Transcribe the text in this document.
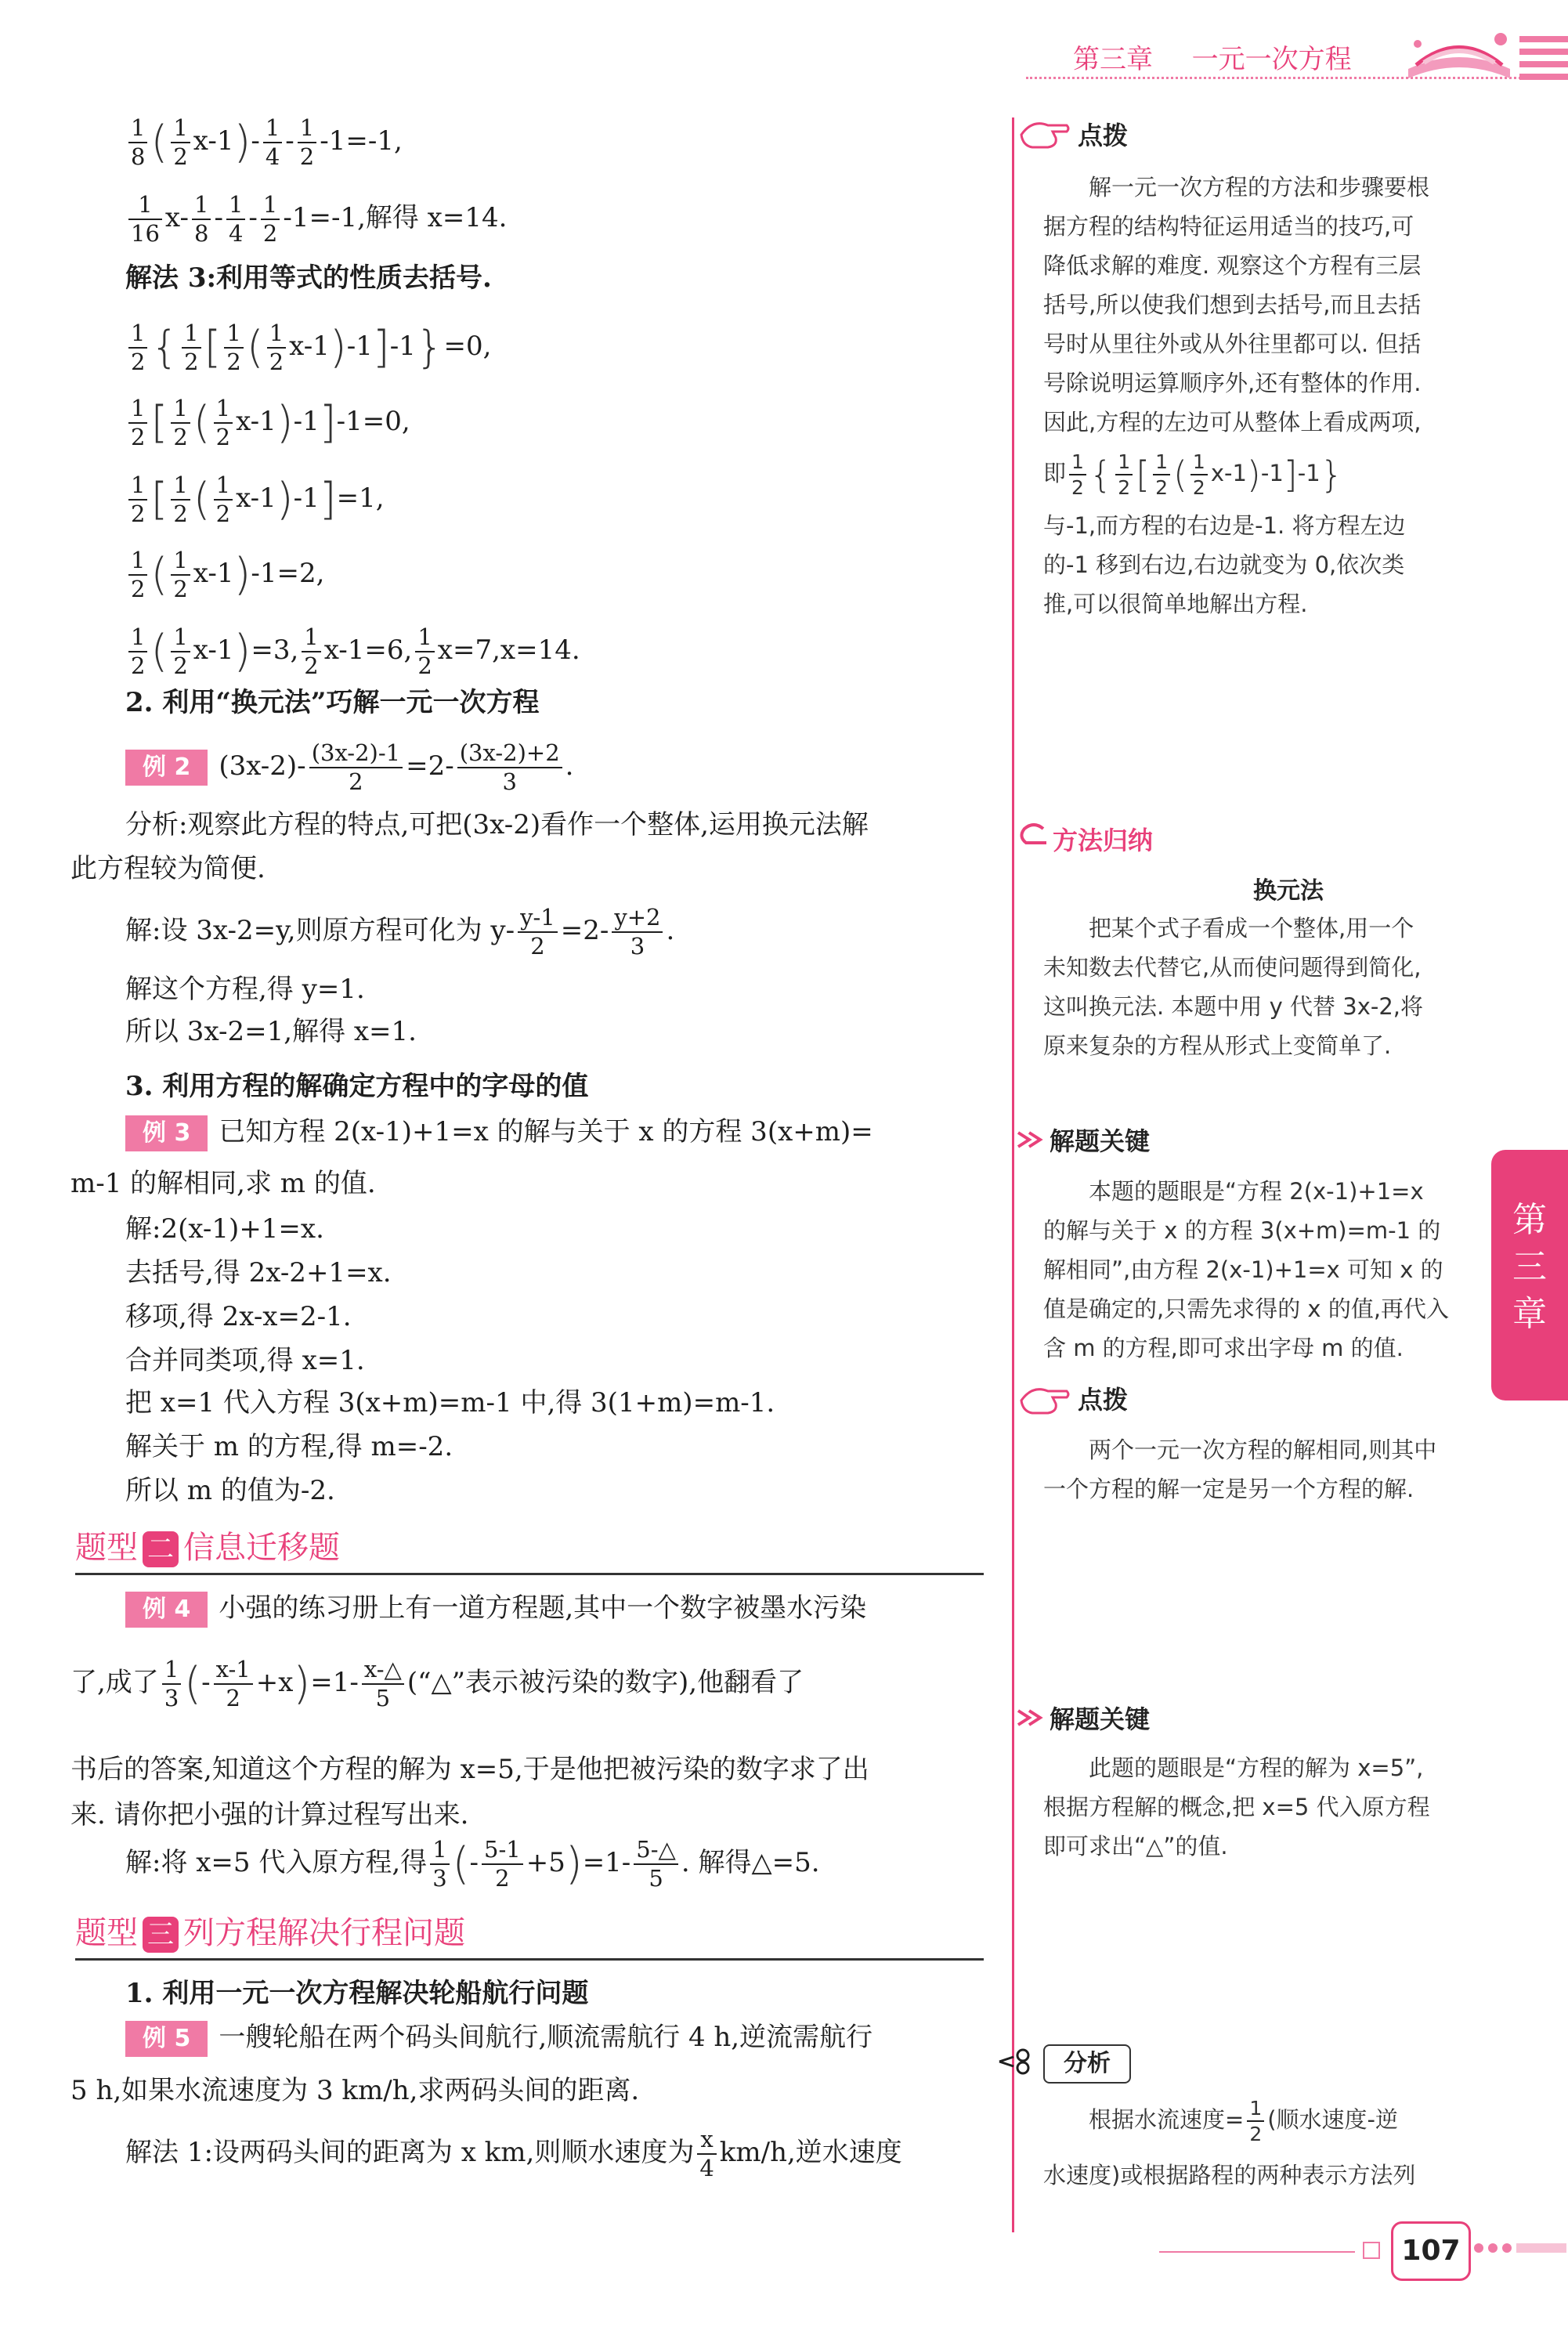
第三章 一元一次方程
第三章
$\frac{1}{8}$ ( $\frac{1}{2} x-1)- \frac{1}{4} - \frac{1}{2} -1=-1$,
$\frac{1}{16} x- \frac{1}{8} - \frac{1}{4} - \frac{1}{2} -1=-1$,解得 x=14.
解法 3:利用等式的性质去括号.
$\frac{1}{2}$ { $\frac{1}{2}$ [ $\frac{1}{2}$ ( $\frac{1}{2} x-1)-1]-1\}=0$,
$\frac{1}{2}$ [ $\frac{1}{2}$ ( $\frac{1}{2} x-1)-1]-1=0$,
$\frac{1}{2}$ [ $\frac{1}{2}$ ( $\frac{1}{2} x-1)-1]=1$,
$\frac{1}{2}$ ( $\frac{1}{2} x-1)-1=2$,
$\frac{1}{2}$ ( $\frac{1}{2} x-1)=3$, $\frac{1}{2} x-1=6$, $\frac{1}{2} x=7,x=14$.
2. 利用“换元法”巧解一元一次方程
例 2 $(3x-2)- \frac{(3x-2)-1}{2} =2- \frac{(3x-2)+2}{3}$ .
分析:观察此方程的特点,可把(3x-2)看作一个整体,运用换元法解
此方程较为简便.
解:设 3x-2=y,则原方程可化为 $y- \frac{y-1}{2} =2- \frac{y+2}{3}$ .
解这个方程,得 y=1.
所以 3x-2=1,解得 x=1.
3. 利用方程的解确定方程中的字母的值
例 3 已知方程 2(x-1)+1=x 的解与关于 x 的方程 3(x+m)=
m-1 的解相同,求 m 的值.
解:2(x-1)+1=x.
去括号,得 2x-2+1=x.
移项,得 2x-x=2-1.
合并同类项,得 x=1.
把 x=1 代入方程 3(x+m)=m-1 中,得 3(1+m)=m-1.
解关于 m 的方程,得 m=-2.
所以 m 的值为-2.
题型 二 信息迁移题
例 4 小强的练习册上有一道方程题,其中一个数字被墨水污染
了,成了 $\frac{1}{3}$ (- $\frac{x-1}{2} +x)=1- \frac{x-\triangle}{5}$ (“△”表示被污染的数字),他翻看了
书后的答案,知道这个方程的解为 x=5,于是他把被污染的数字求了出
来. 请你把小强的计算过程写出来.
解:将 x=5 代入原方程,得 $\frac{1}{3}$ (- $\frac{5-1}{2} +5)=1- \frac{5-\triangle}{5}$ . 解得△=5.
题型 三 列方程解决行程问题
1. 利用一元一次方程解决轮船航行问题
例 5 一艘轮船在两个码头间航行,顺流需航行 4 h,逆流需航行
5 h,如果水流速度为 3 km/h,求两码头间的距离.
解法 1:设两码头间的距离为 x km,则顺水速度为 $\frac{x}{4} km/h$,逆水速度
点拨
解一元一次方程的方法和步骤要根
据方程的结构特征运用适当的技巧,可
降低求解的难度. 观察这个方程有三层
括号,所以使我们想到去括号,而且去括
号时从里往外或从外往里都可以. 但括
号除说明运算顺序外,还有整体的作用.
因此,方程的左边可从整体上看成两项,
即 $\frac{1}{2}$ { $\frac{1}{2}$ [ $\frac{1}{2}$ ( $\frac{1}{2} x-1)-1]-1$}
与-1,而方程的右边是-1. 将方程左边
的-1 移到右边,右边就变为 0,依次类
推,可以很简单地解出方程.
方法归纳
换元法
把某个式子看成一个整体,用一个
未知数去代替它,从而使问题得到简化,
这叫换元法. 本题中用 y 代替 3x-2,将
原来复杂的方程从形式上变简单了.
解题关键
本题的题眼是“方程 2(x-1)+1=x
的解与关于 x 的方程 3(x+m)=m-1 的
解相同”,由方程 2(x-1)+1=x 可知 x 的
值是确定的,只需先求得的 x 的值,再代入
含 m 的方程,即可求出字母 m 的值.
点拨
两个一元一次方程的解相同,则其中
一个方程的解一定是另一个方程的解.
解题关键
此题的题眼是“方程的解为 x=5”,
根据方程解的概念,把 x=5 代入原方程
即可求出“△”的值.
分析
根据水流速度= $\frac{1}{2}$ (顺水速度-逆
水速度)或根据路程的两种表示方法列
107
